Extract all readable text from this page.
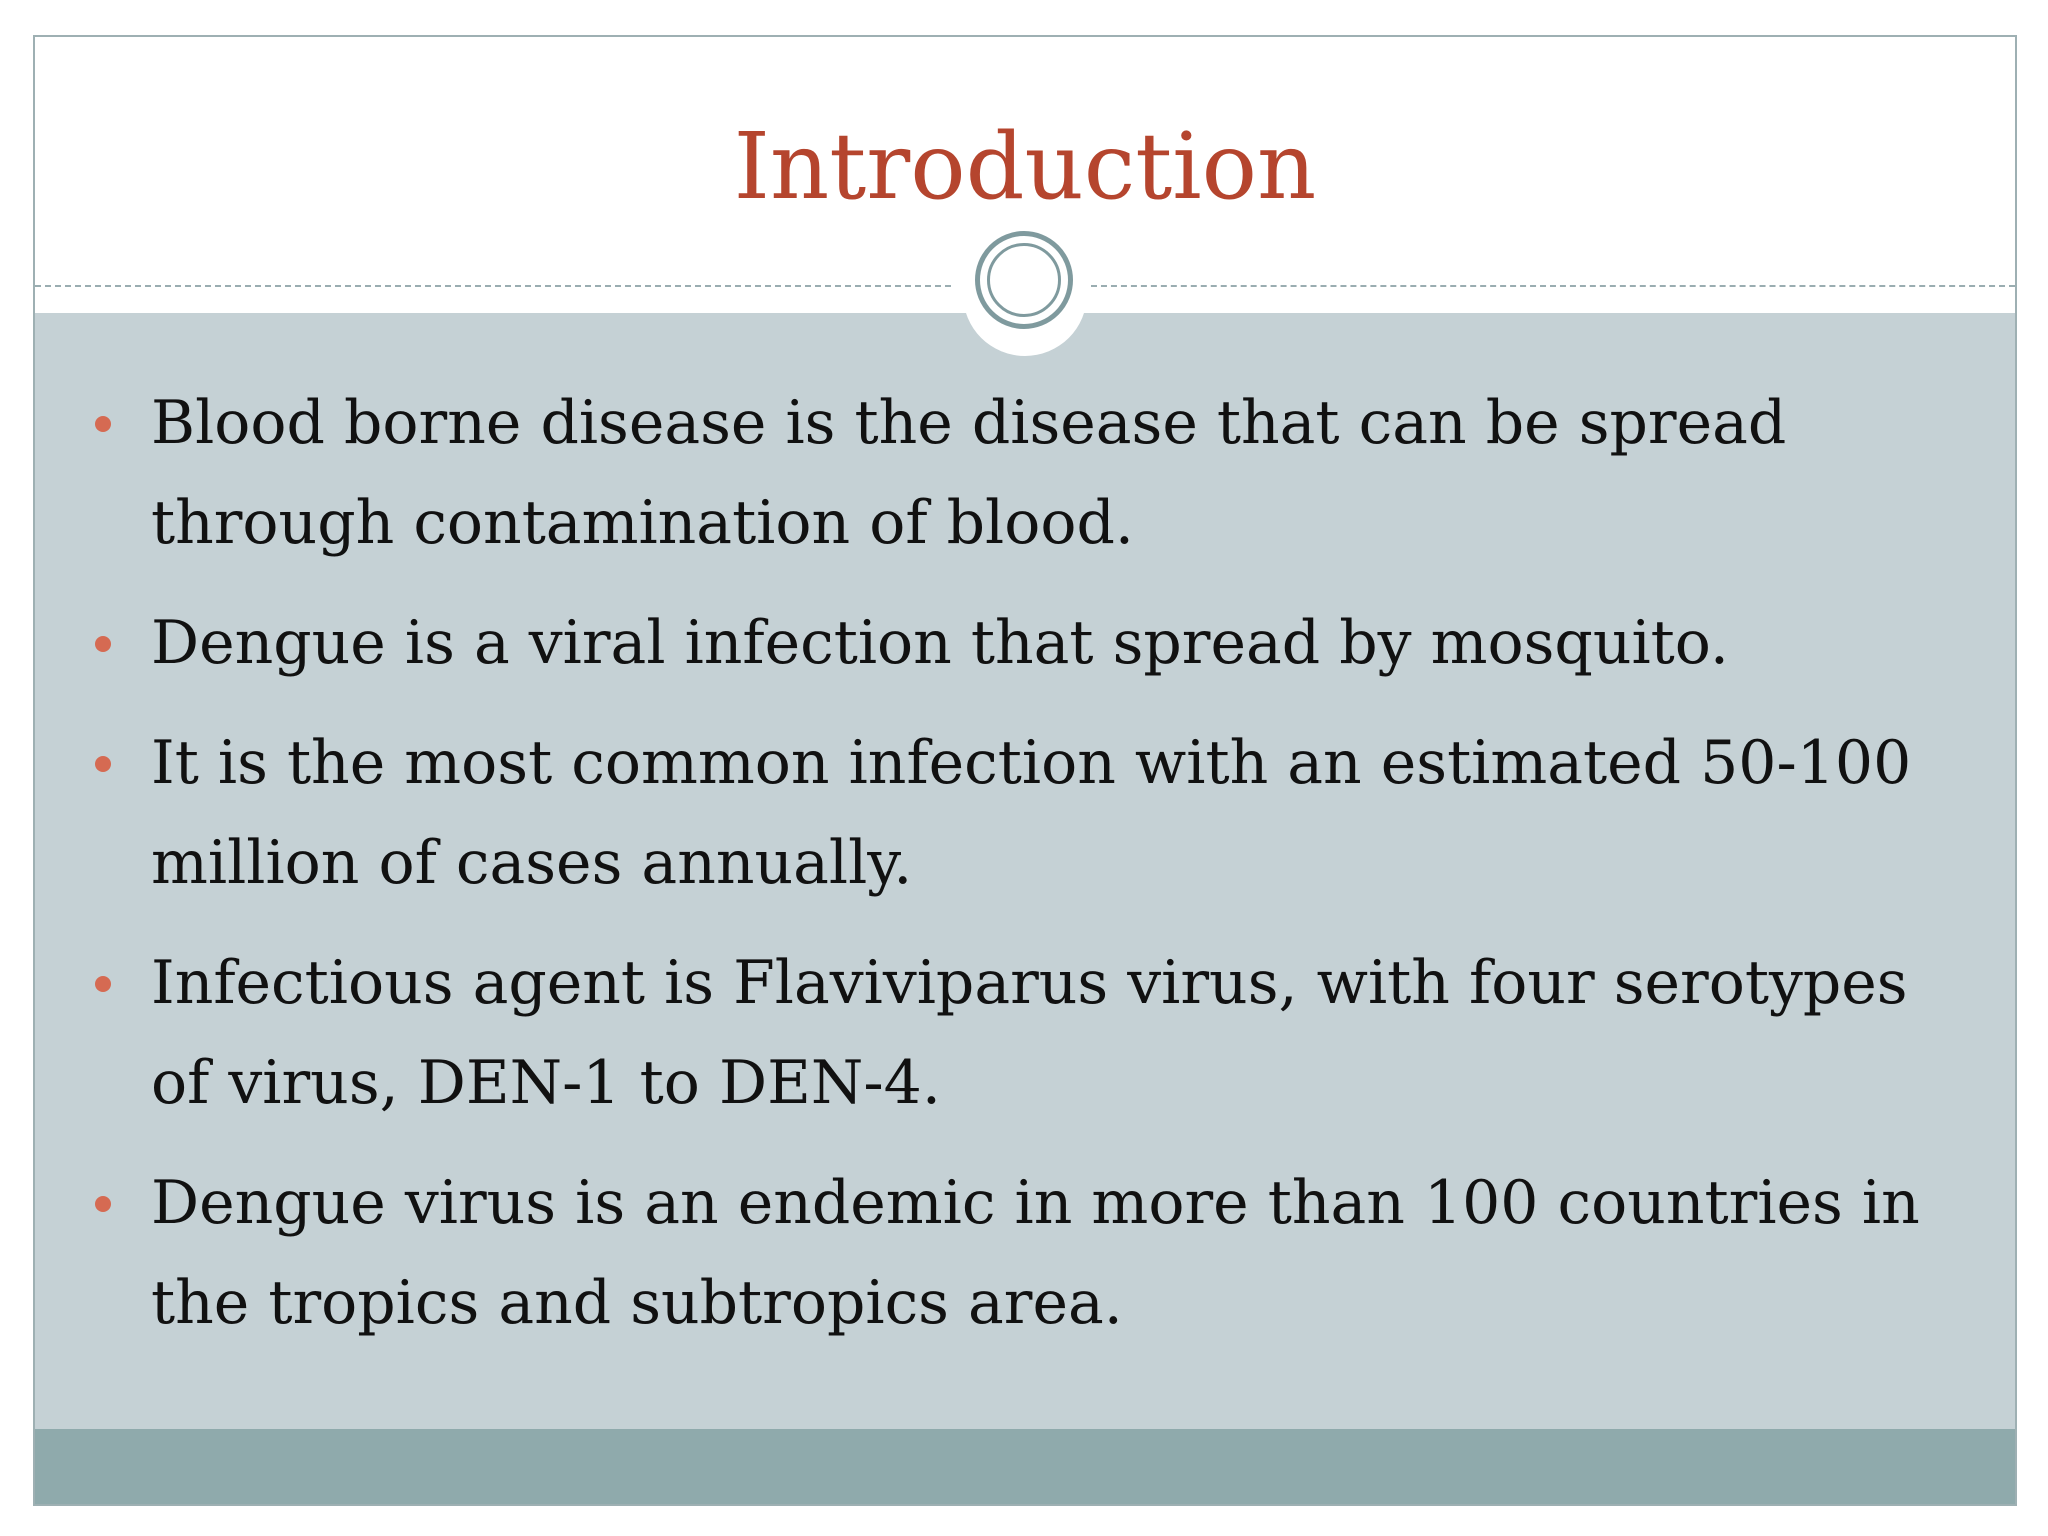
Introduction
Blood borne disease is the disease that can be spread through contamination of blood.
Dengue is a viral infection that spread by mosquito.
It is the most common infection with an estimated 50-100 million of cases annually.
Infectious agent is Flaviviparus virus, with four serotypes of virus, DEN-1 to DEN-4.
Dengue virus is an endemic in more than 100 countries in the tropics and subtropics area.
